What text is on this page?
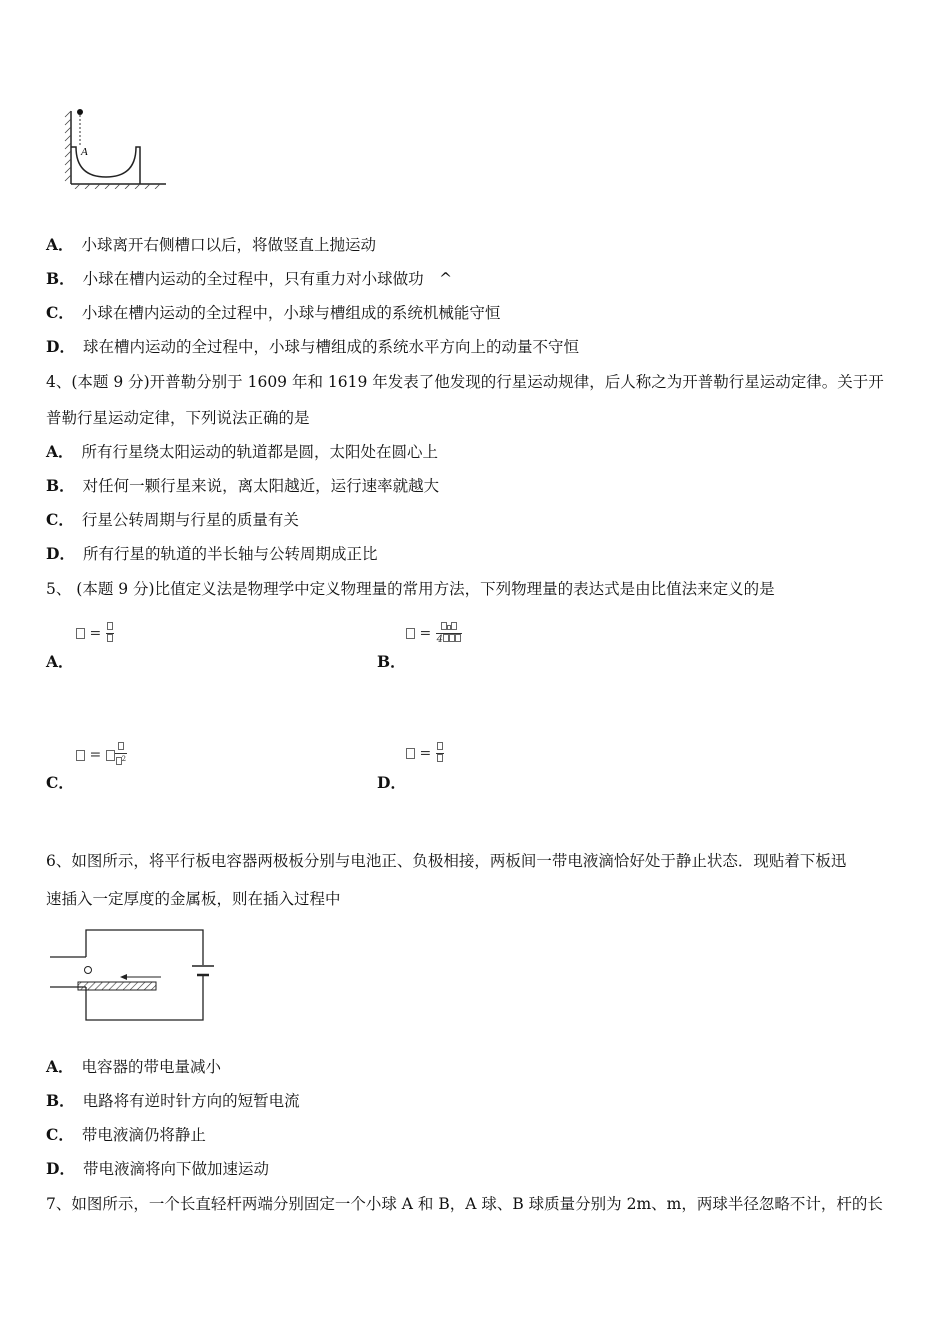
A
A． 小球离开右侧槽口以后，将做竖直上抛运动
B． 小球在槽内运动的全过程中，只有重力对小球做功　^
C． 小球在槽内运动的全过程中，小球与槽组成的系统机械能守恒
D． 球在槽内运动的全过程中，小球与槽组成的系统水平方向上的动量不守恒
4、(本题 9 分)开普勒分别于 1609 年和 1619 年发表了他发现的行星运动规律，后人称之为开普勒行星运动定律。关于开
普勒行星运动定律，下列说法正确的是
A． 所有行星绕太阳运动的轨道都是圆，太阳处在圆心上
B． 对任何一颗行星来说，离太阳越近，运行速率就越大
C． 行星公转周期与行星的质量有关
D． 所有行星的轨道的半长轴与公转周期成正比
5、 (本题 9 分)比值定义法是物理学中定义物理量的常用方法，下列物理量的表达式是由比值法来定义的是
=
A．
= 4
B．
=	$^2$
C．
=
D．
6、如图所示，将平行板电容器两极板分别与电池正、负极相接，两板间一带电液滴恰好处于静止状态．现贴着下板迅
速插入一定厚度的金属板，则在插入过程中
A． 电容器的带电量减小
B． 电路将有逆时针方向的短暂电流
C． 带电液滴仍将静止
D． 带电液滴将向下做加速运动
7、如图所示，一个长直轻杆两端分别固定一个小球 A 和 B，A 球、B 球质量分别为 2m、m，两球半径忽略不计，杆的长
